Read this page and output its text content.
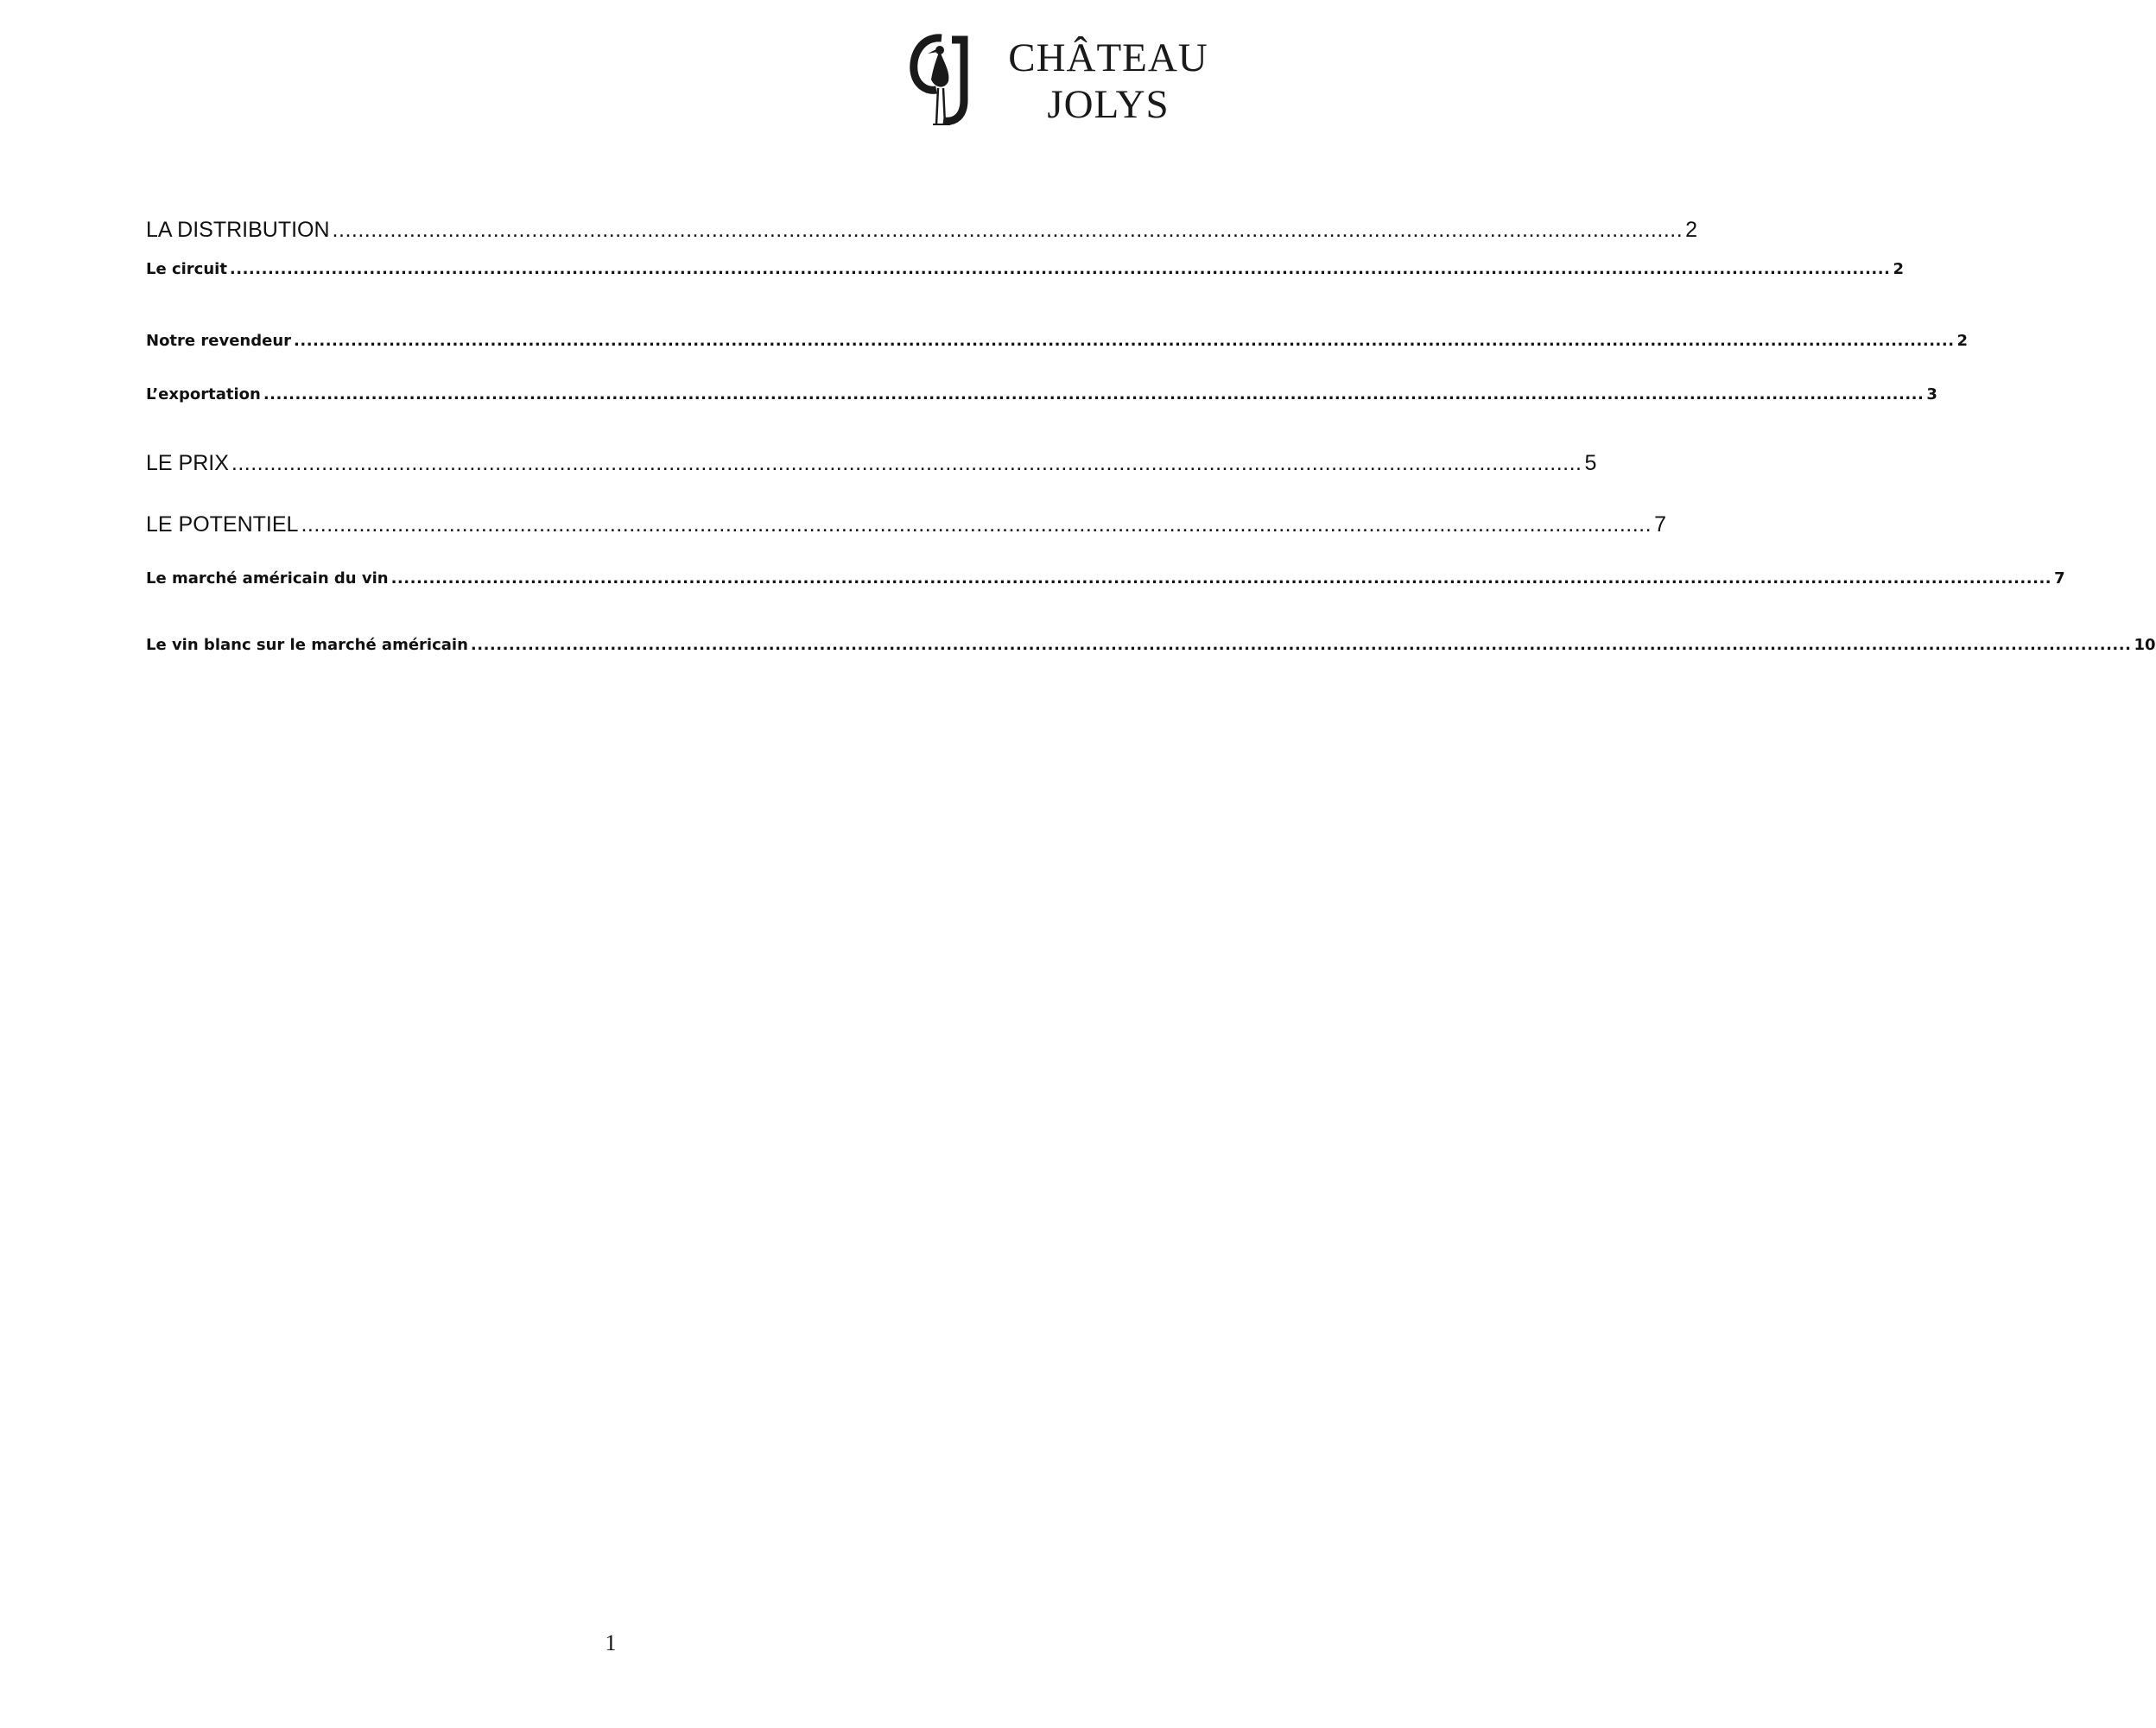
CHÂTEAU
JOLYS
LA DISTRIBUTION .................................................................................................................................................................................................................. 2
Le circuit ...................................................................................................................................................................................................................................................................... 2
Notre revendeur ...................................................................................................................................................................................................................................................................... 2
L’exportation ...................................................................................................................................................................................................................................................................... 3
LE PRIX .................................................................................................................................................................................................................. 5
LE POTENTIEL .................................................................................................................................................................................................................. 7
Le marché américain du vin ...................................................................................................................................................................................................................................................................... 7
Le vin blanc sur le marché américain ...................................................................................................................................................................................................................................................................... 10
1
